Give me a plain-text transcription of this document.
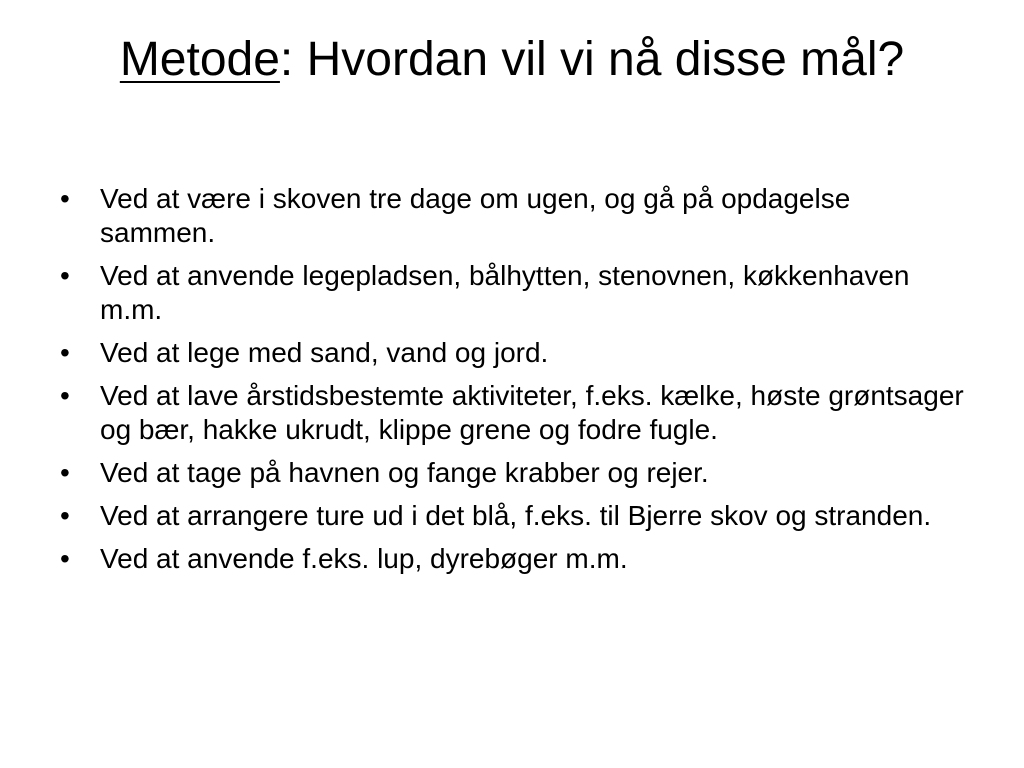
Metode: Hvordan vil vi nå disse mål?
•	Ved at være i skoven tre dage om ugen, og gå på opdagelse sammen.
•	Ved at anvende legepladsen, bålhytten, stenovnen, køkkenhaven m.m.
•	Ved at lege med sand, vand og jord.
•	Ved at lave årstidsbestemte aktiviteter, f.eks. kælke, høste grøntsager og bær, hakke ukrudt, klippe grene og fodre fugle.
•	Ved at tage på havnen og fange krabber og rejer.
•	Ved at arrangere ture ud i det blå, f.eks. til Bjerre skov og stranden.
•	Ved at anvende f.eks. lup, dyrebøger m.m.
